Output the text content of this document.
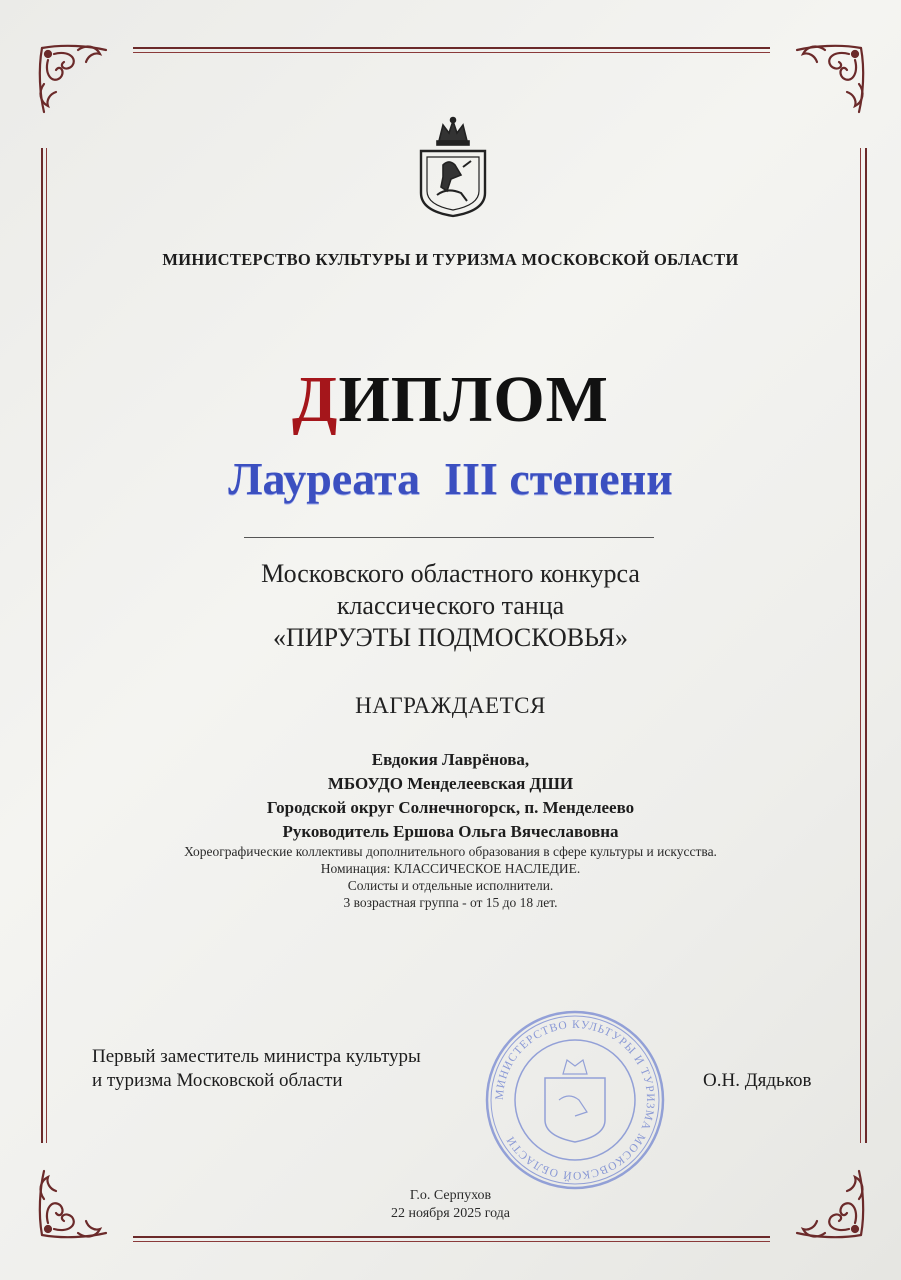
МИНИСТЕРСТВО КУЛЬТУРЫ И ТУРИЗМА МОСКОВСКОЙ ОБЛАСТИ
ДИПЛОМ
Лауреата III степени
Московского областного конкурса
классического танца
«ПИРУЭТЫ ПОДМОСКОВЬЯ»
НАГРАЖДАЕТСЯ
Евдокия Лаврёнова,
МБОУДО Менделеевская ДШИ
Городской округ Солнечногорск, п. Менделеево
Руководитель Ершова Ольга Вячеславовна
Хореографические коллективы дополнительного образования в сфере культуры и искусства.
Номинация: КЛАССИЧЕСКОЕ НАСЛЕДИЕ.
Солисты и отдельные исполнители.
3 возрастная группа - от 15 до 18 лет.
Первый заместитель министра культуры
и туризма Московской области
МИНИСТЕРСТВО КУЛЬТУРЫ И ТУРИЗМА МОСКОВСКОЙ ОБЛАСТИ
О.Н. Дядьков
Г.о. Серпухов
22 ноября 2025 года
